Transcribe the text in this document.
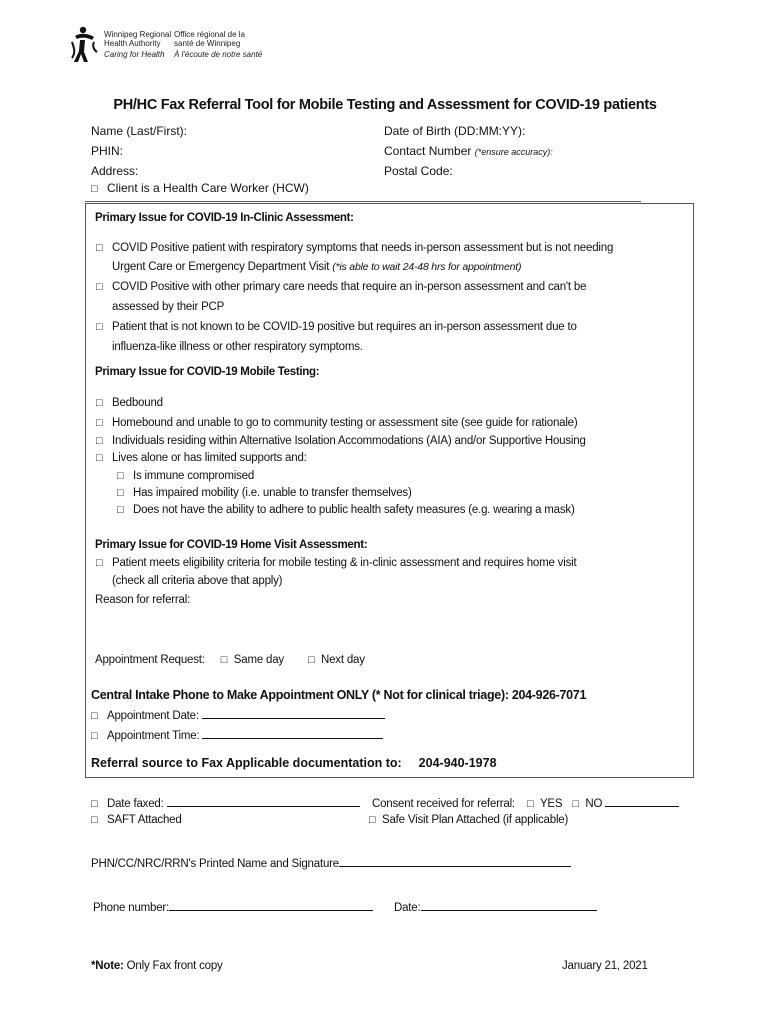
Winnipeg Regional
Health Authority
Caring for Health
Office régional de la
santé de Winnipeg
À l'écoute de notre santé
PH/HC Fax Referral Tool for Mobile Testing and Assessment for COVID-19 patients
Name (Last/First):	Date of Birth (DD:MM:YY):
PHIN:	Contact Number (*ensure accuracy):
Address:	Postal Code:
□ Client is a Health Care Worker (HCW)
Primary Issue for COVID-19 In-Clinic Assessment:
□ COVID Positive patient with respiratory symptoms that needs in-person assessment but is not needing
Urgent Care or Emergency Department Visit (*is able to wait 24-48 hrs for appointment)
□ COVID Positive with other primary care needs that require an in-person assessment and can't be
assessed by their PCP
□ Patient that is not known to be COVID-19 positive but requires an in-person assessment due to
influenza-like illness or other respiratory symptoms.
Primary Issue for COVID-19 Mobile Testing:
□ Bedbound
□ Homebound and unable to go to community testing or assessment site (see guide for rationale)
□ Individuals residing within Alternative Isolation Accommodations (AIA) and/or Supportive Housing
□ Lives alone or has limited supports and:
□ Is immune compromised
□ Has impaired mobility (i.e. unable to transfer themselves)
□ Does not have the ability to adhere to public health safety measures (e.g. wearing a mask)
Primary Issue for COVID-19 Home Visit Assessment:
□ Patient meets eligibility criteria for mobile testing & in-clinic assessment and requires home visit
(check all criteria above that apply)
Reason for referral:
Appointment Request: □ Same day □ Next day
Central Intake Phone to Make Appointment ONLY (* Not for clinical triage): 204-926-7071
□ Appointment Date:
□ Appointment Time:
Referral source to Fax Applicable documentation to: 204-940-1978
□ Date faxed:	Consent received for referral: □ YES □ NO
□ SAFT Attached	□ Safe Visit Plan Attached (if applicable)
PHN/CC/NRC/RRN's Printed Name and Signature
Phone number:	Date:
*Note: Only Fax front copy	January 21, 2021
